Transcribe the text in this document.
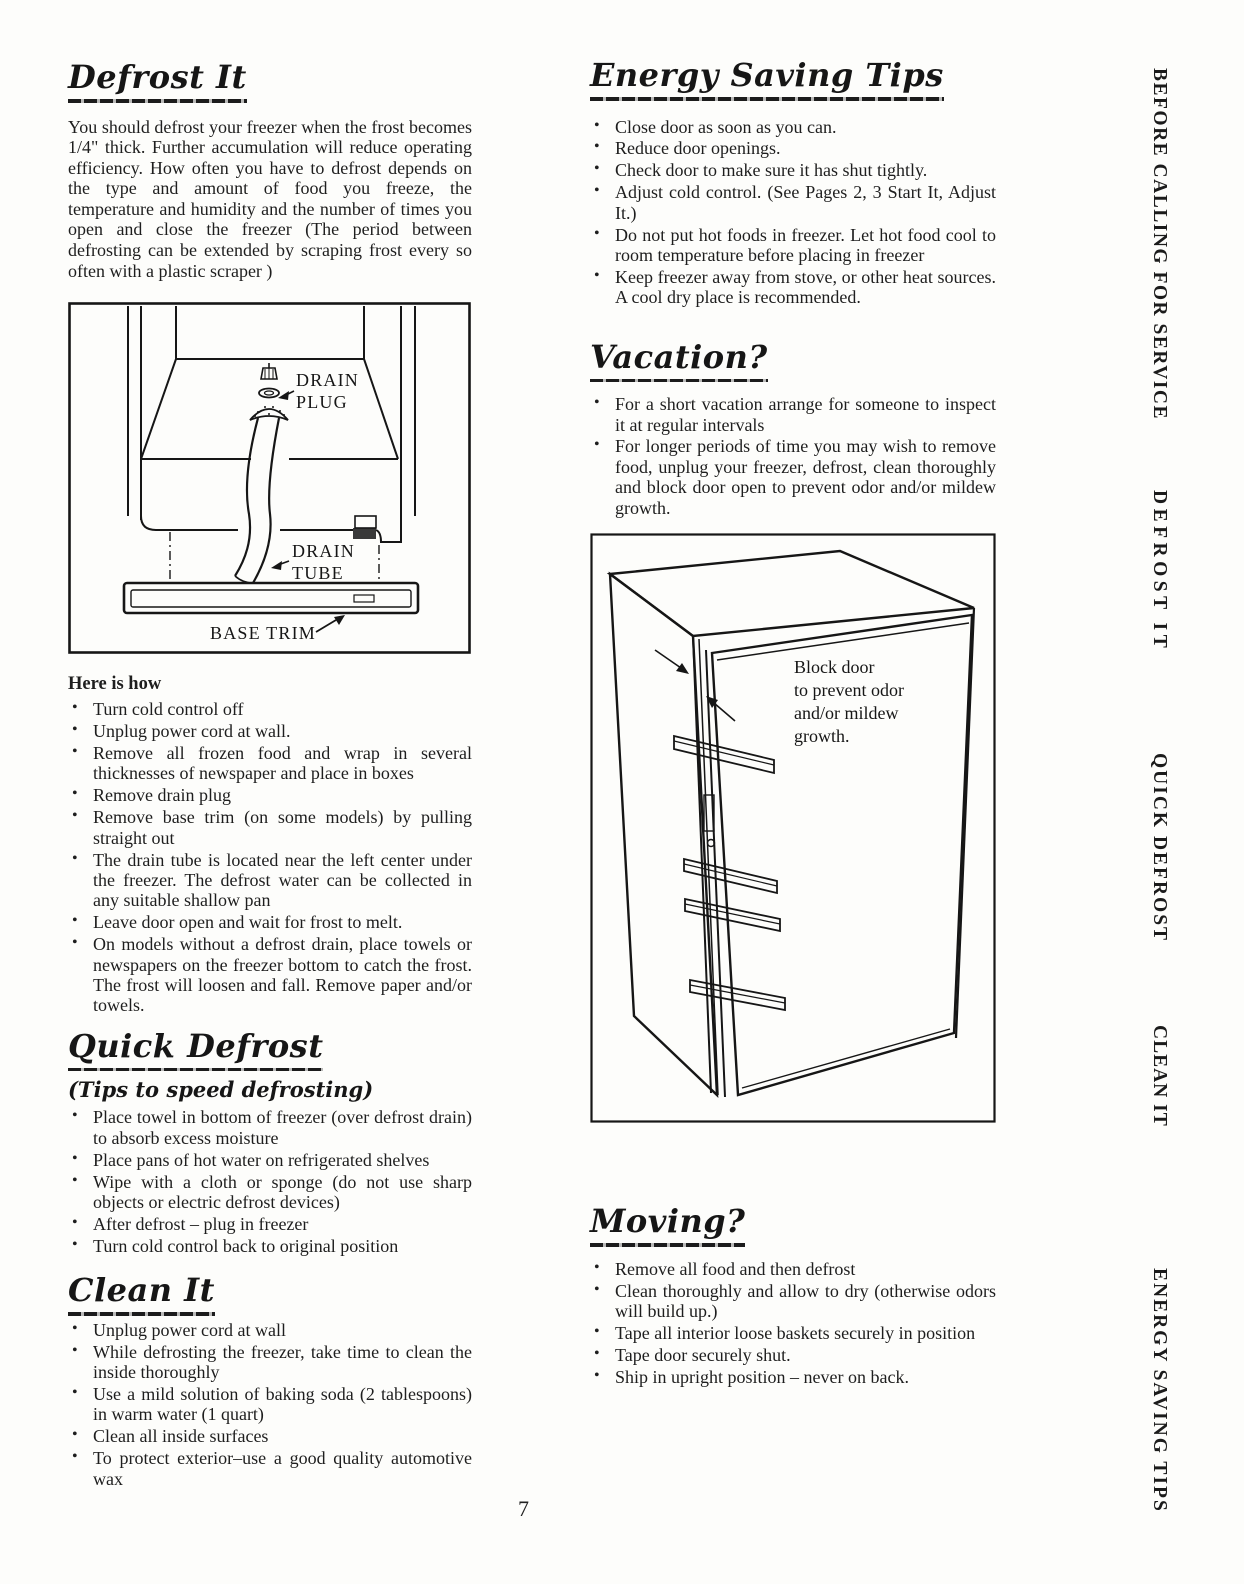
Defrost It

You should defrost your freezer when the frost becomes 1/4" thick. Further accumulation will reduce operating efficiency. How often you have to defrost depends on the type and amount of food you freeze, the temperature and humidity and the number of times you open and close the freezer (The period between defrosting can be extended by scraping frost every so often with a plastic scraper )

DRAIN
PLUG
DRAIN
TUBE
BASE TRIM

Here is how

• Turn cold control off
• Unplug power cord at wall.
• Remove all frozen food and wrap in several thicknesses of newspaper and place in boxes
• Remove drain plug
• Remove base trim (on some models) by pulling straight out
• The drain tube is located near the left center under the freezer. The defrost water can be collected in any suitable shallow pan
• Leave door open and wait for frost to melt.
• On models without a defrost drain, place towels or newspapers on the freezer bottom to catch the frost. The frost will loosen and fall. Remove paper and/or towels.
Quick Defrost

(Tips to speed defrosting)

• Place towel in bottom of freezer (over defrost drain) to absorb excess moisture
• Place pans of hot water on refrigerated shelves
• Wipe with a cloth or sponge (do not use sharp objects or electric defrost devices)
• After defrost – plug in freezer
• Turn cold control back to original position
Clean It
• Unplug power cord at wall
• While defrosting the freezer, take time to clean the inside thoroughly
• Use a mild solution of baking soda (2 tablespoons) in warm water (1 quart)
• Clean all inside surfaces
• To protect exterior–use a good quality automotive wax
Energy Saving Tips
• Close door as soon as you can.
• Reduce door openings.
• Check door to make sure it has shut tightly.
• Adjust cold control. (See Pages 2, 3 Start It, Adjust It.)
• Do not put hot foods in freezer. Let hot food cool to room temperature before placing in freezer
• Keep freezer away from stove, or other heat sources. A cool dry place is recommended.
Vacation?
• For a short vacation arrange for someone to inspect it at regular intervals
• For longer periods of time you may wish to remove food, unplug your freezer, defrost, clean thoroughly and block door open to prevent odor and/or mildew growth.
Block door
to prevent odor
and/or mildew
growth.
Moving?
• Remove all food and then defrost
• Clean thoroughly and allow to dry (otherwise odors will build up.)
• Tape all interior loose baskets securely in position
• Tape door securely shut.
• Ship in upright position – never on back.
BEFORE CALLING FOR SERVICE
DEFROST IT
QUICK DEFROST
CLEAN IT
ENERGY SAVING TIPS
7
